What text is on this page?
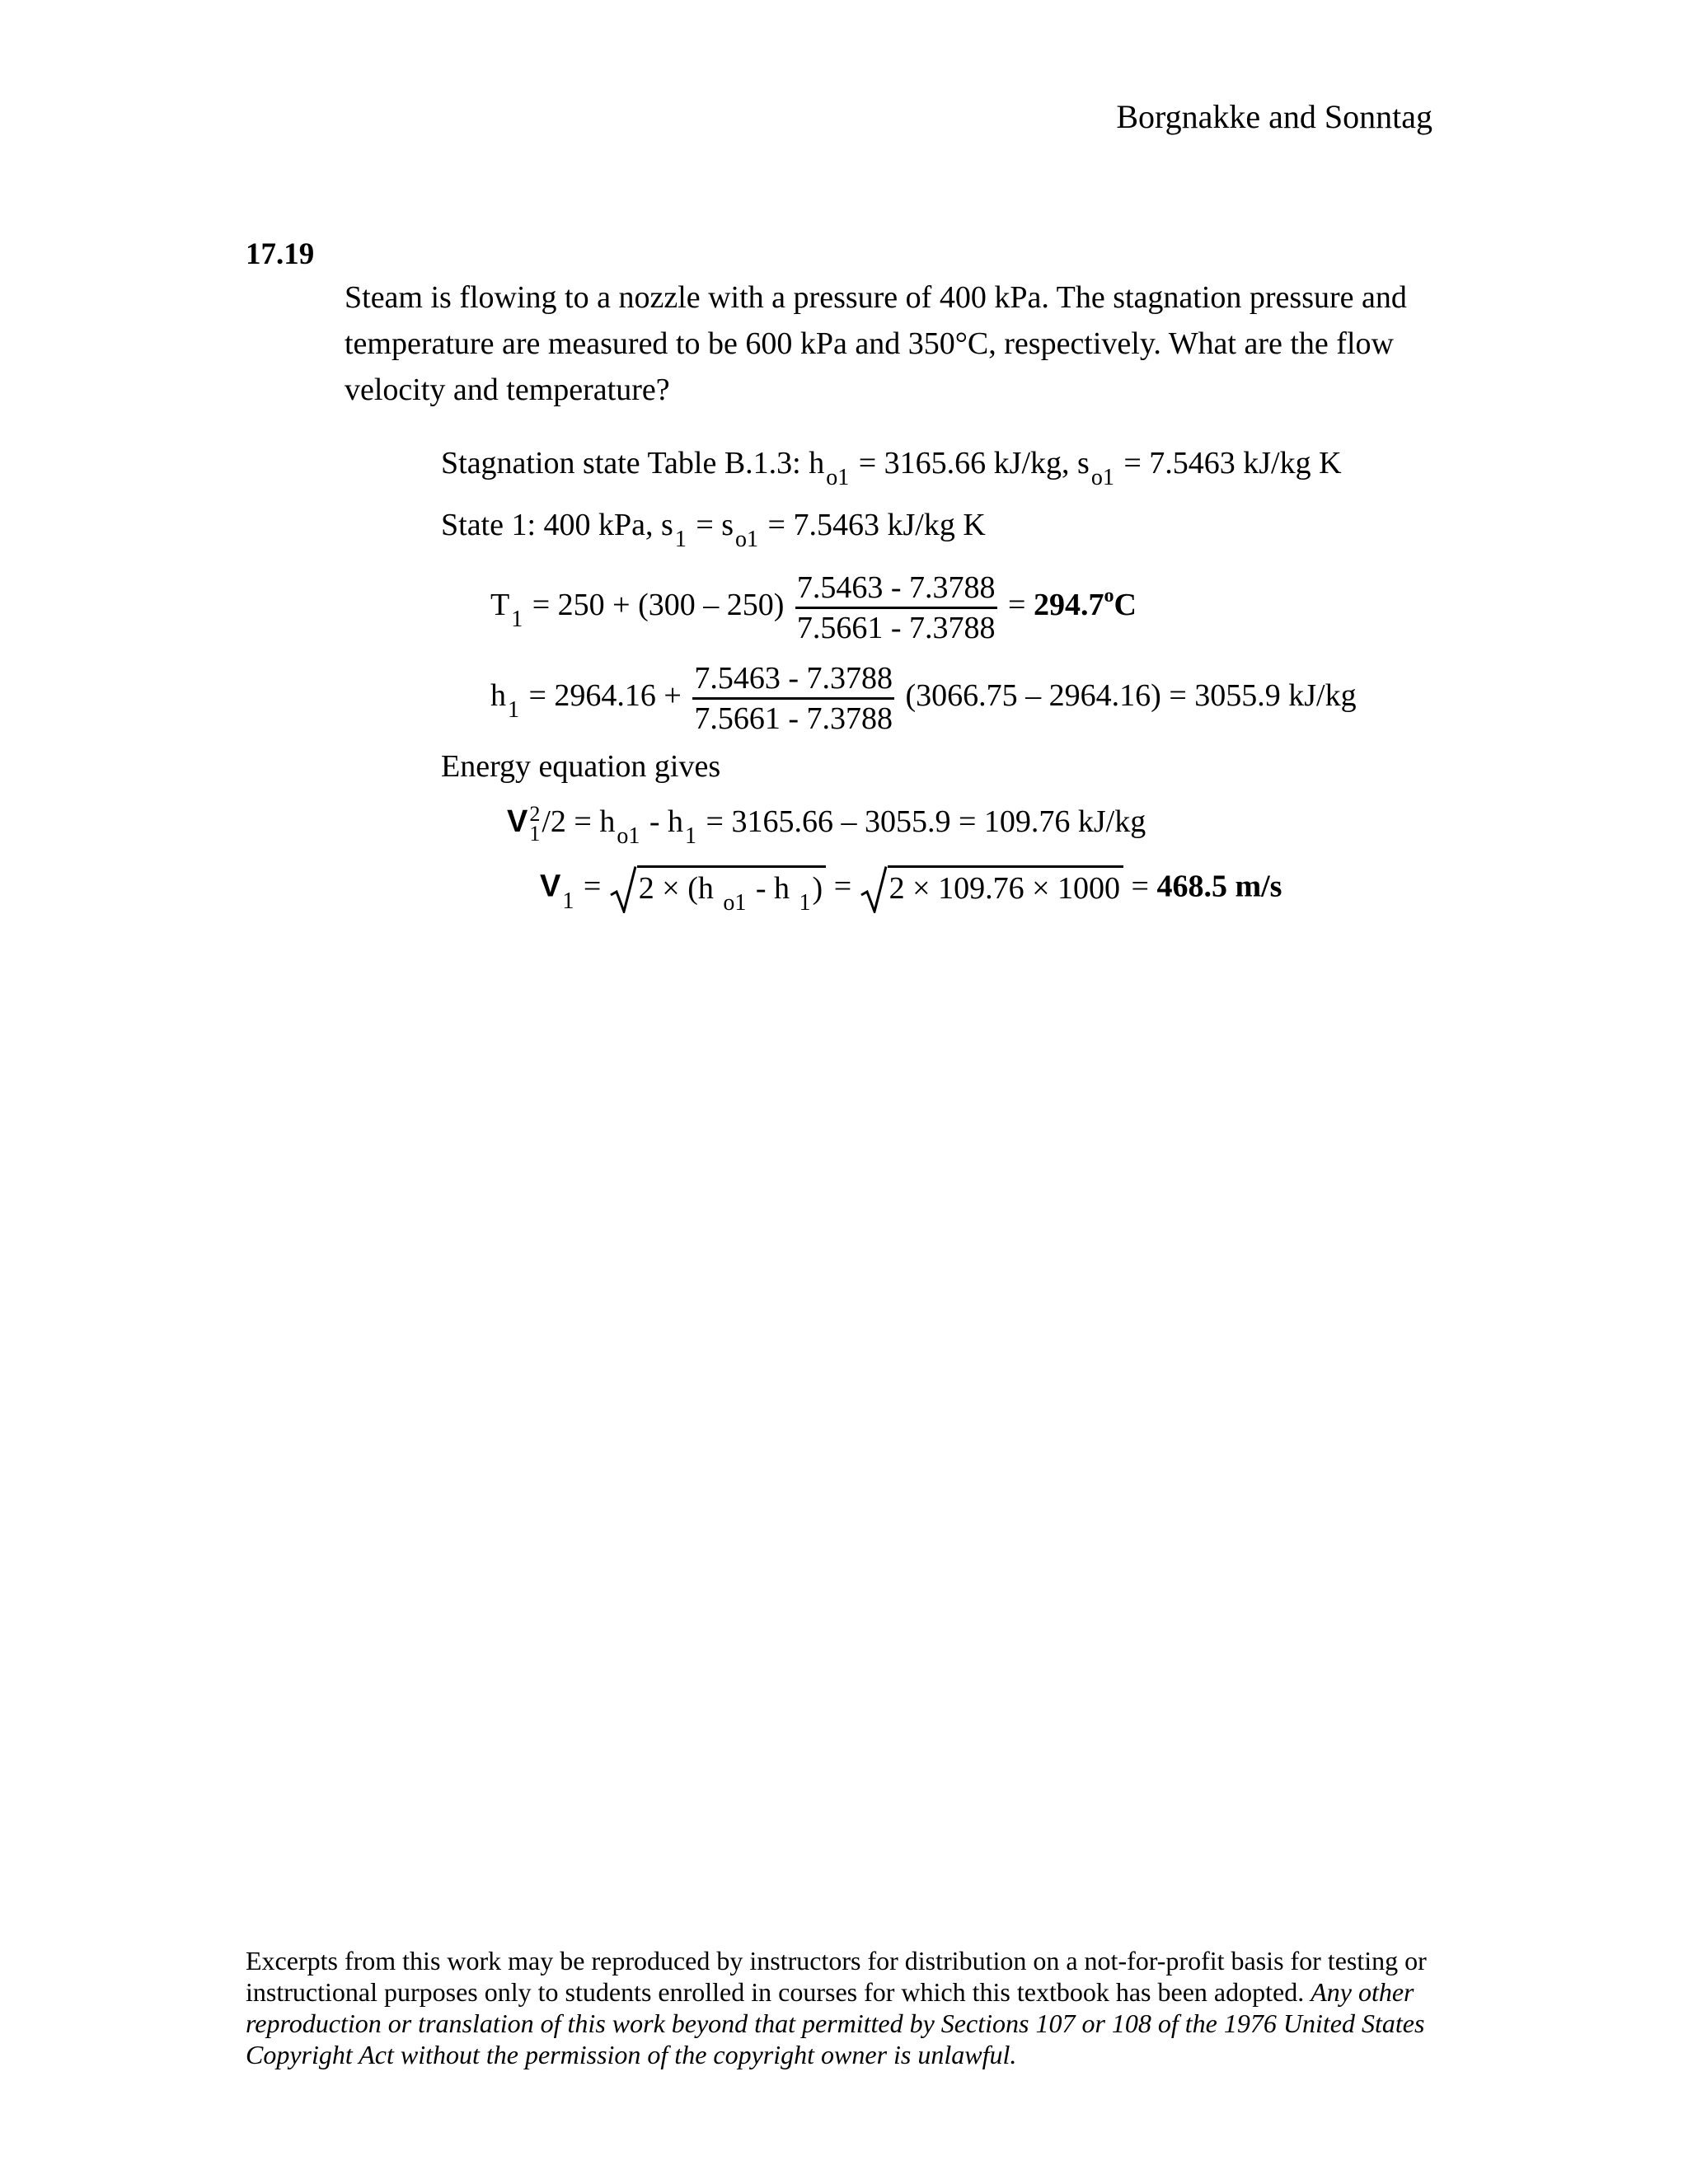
Borgnakke and Sonntag
17.19
Steam is flowing to a nozzle with a pressure of 400 kPa. The stagnation pressure and temperature are measured to be 600 kPa and 350°C, respectively. What are the flow velocity and temperature?
Stagnation state Table B.1.3: $h_{o1} = 3165.66$ kJ/kg, $s_{o1} = 7.5463$ kJ/kg K
State 1: 400 kPa, $s_1 = s_{o1} = 7.5463$ kJ/kg K
$T_1 = 250 + (300 - 250) \frac{7.5463 - 7.3788}{7.5661 - 7.3788} = 294.7^oC$
$h_1 = 2964.16 + \frac{7.5463 - 7.3788}{7.5661 - 7.3788} (3066.75 - 2964.16) = 3055.9$ kJ/kg
Energy equation gives
V 2
1 $/2 = h_{o1} - h_1 = 3165.66 - 3055.9 = 109.76$ kJ/kg
$V_1 = 2 \times (h$ $_{o1}$ - h $_1$) = 2 × 109.76 × 1000 = 468.5 m/s
Excerpts from this work may be reproduced by instructors for distribution on a not-for-profit basis for testing or instructional purposes only to students enrolled in courses for which this textbook has been adopted. Any other reproduction or translation of this work beyond that permitted by Sections 107 or 108 of the 1976 United States Copyright Act without the permission of the copyright owner is unlawful.
